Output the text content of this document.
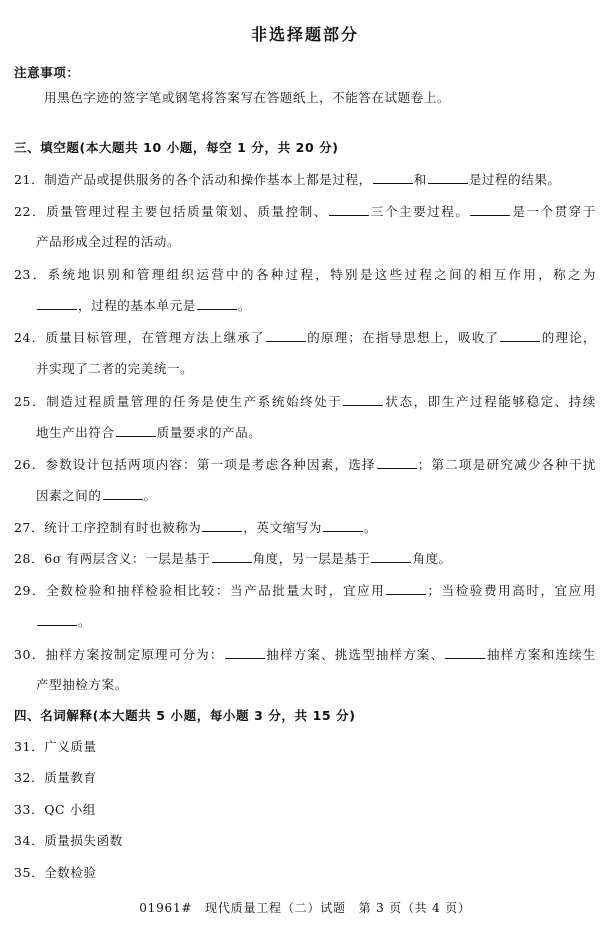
非选择题部分
注意事项：
用黑色字迹的签字笔或钢笔将答案写在答题纸上，不能答在试题卷上。
三、填空题(本大题共 10 小题，每空 1 分，共 20 分)
21．制造产品或提供服务的各个活动和操作基本上都是过程，	和	是过程的结果。
22．质量管理过程主要包括质量策划、质量控制、	三个主要过程。	是一个贯穿于
产品形成全过程的活动。
23．系统地识别和管理组织运营中的各种过程，特别是这些过程之间的相互作用，称之为
，过程的基本单元是	。
24．质量目标管理，在管理方法上继承了	的原理；在指导思想上，吸收了	的理论，
并实现了二者的完美统一。
25．制造过程质量管理的任务是使生产系统始终处于	状态，即生产过程能够稳定、持续
地生产出符合	质量要求的产品。
26．参数设计包括两项内容：第一项是考虑各种因素，选择	；第二项是研究减少各种干扰
因素之间的	。
27．统计工序控制有时也被称为	，英文缩写为	。
28．6σ 有两层含义：一层是基于	角度，另一层是基于	角度。
29．全数检验和抽样检验相比较：当产品批量大时，宜应用	；当检验费用高时，宜应用
。
30．抽样方案按制定原理可分为：	抽样方案、挑选型抽样方案、	抽样方案和连续生
产型抽检方案。
四、名词解释(本大题共 5 小题，每小题 3 分，共 15 分)
31．广义质量
32．质量教育
33．QC 小组
34．质量损失函数
35．全数检验
01961#　现代质量工程（二）试题　第 3 页（共 4 页）
